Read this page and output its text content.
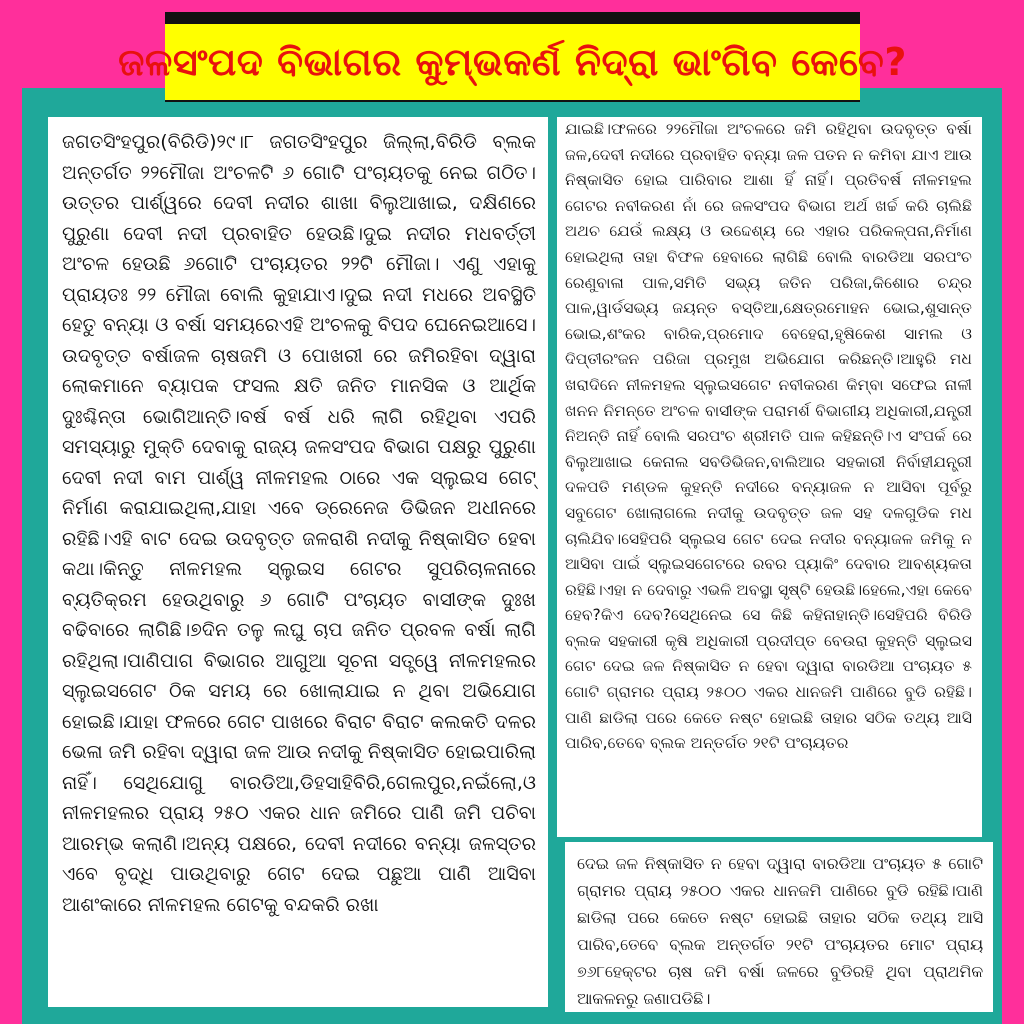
ଜଳସଂପଦ ବିଭାଗର କୁମ୍ଭକର୍ଣ ନିଦ୍ରା ଭାଂଗିବ କେବେ?

ଜଗତସିଂହପୁର(ବିରିଡି)୨୯।୮ ଜଗତସିଂହପୁର ଜିଲ୍ଲା,ବିରିଡି ବ୍ଲକ ଅନ୍ତର୍ଗତ ୨୨ମୌଜା ଅଂଚଳଟି ୬ ଗୋଟି ପଂଚାୟତକୁ ନେଇ ଗଠିତ।ଉତ୍ତର ପାର୍ଶ୍ୱରେ ଦେବୀ ନଦୀର ଶାଖା ବିଲୁଆଖାଇ, ଦକ୍ଷିଣରେ ପୁରୁଣା ଦେବୀ ନଦୀ ପ୍ରବାହିତ ହେଉଛି।ଦୁଇ ନଦୀର ମଧବର୍ତ୍ତୀ ଅଂଚଳ ହେଉଛି ୬ଗୋଟି ପଂଚାୟତର ୨୨ଟି ମୌଜା। ଏଣୁ ଏହାକୁ ପ୍ରାୟତଃ ୨୨ ମୌଜା ବୋଲି କୁହାଯାଏ।ଦୁଇ ନଦୀ ମଧରେ ଅବସ୍ଥିତି ହେତୁ ବନ୍ୟା ଓ ବର୍ଷା ସମୟରେଏହି ଅଂଚଳକୁ ବିପଦ ଘେନେଇଆସେ।ଉଦବୃତ୍ତ ବର୍ଷାଜଳ ଚାଷଜମି ଓ ପୋଖରୀ ରେ ଜମିରହିବା ଦ୍ୱାରା ଲୋକମାନେ ବ୍ୟାପକ ଫସଲ କ୍ଷତି ଜନିତ ମାନସିକ ଓ ଆର୍ଥିକ ଦୁଃଶ୍ଚିନ୍ତା ଭୋଗିଆନ୍ତି।ବର୍ଷ ବର୍ଷ ଧରି ଲାଗି ରହିଥିବା ଏପରି ସମସ୍ୟାରୁ ମୁକ୍ତି ଦେବାକୁ ରାଜ୍ୟ ଜଳସଂପଦ ବିଭାଗ ପକ୍ଷରୁ ପୁରୁଣା ଦେବୀ ନଦୀ ବାମ ପାର୍ଶ୍ୱ ନୀଳମହଲ ଠାରେ ଏକ ସ୍ଲୁଇସ ଗେଟ୍ ନିର୍ମାଣ କରାଯାଇଥିଲା,ଯାହା ଏବେ ଡ୍ରେନେଜ ଡିଭିଜନ ଅଧୀନରେ ରହିଛି।ଏହି ବାଟ ଦେଇ ଉଦବୃତ୍ତ ଜଳରାଶି ନଦୀକୁ ନିଷ୍କାସିତ ହେବା କଥା।କିନ୍ତୁ ନୀଳମହଲ ସ୍ଲୁଇସ ଗେଟର ସୁପରିଚାଳନାରେ ବ୍ୟତିକ୍ରମ ହେଉଥିବାରୁ ୬ ଗୋଟି ପଂଚାୟତ ବାସୀଙ୍କ ଦୁଃଖ ବଢିବାରେ ଲାଗିଛି।୭ଦିନ ତଳୁ ଲଘୁ ଚାପ ଜନିତ ପ୍ରବଳ ବର୍ଷା ଲାଗି ରହିଥିଲା।ପାଣିପାଗ ବିଭାଗର ଆଗୁଆ ସୂଚନା ସତ୍ତ୍ୱେ ନୀଳମହଲର ସ୍ଲୁଇସଗେଟ ଠିକ ସମୟ ରେ ଖୋଲାଯାଇ ନ ଥିବା ଅଭିଯୋଗ ହୋଇଛି।ଯାହା ଫଳରେ ଗେଟ ପାଖରେ ବିରାଟ ବିରାଟ କଲକତି ଦଳର ଭେଳା ଜମି ରହିବା ଦ୍ୱାରା ଜଳ ଆଉ ନଦୀକୁ ନିଷ୍କାସିତ ହୋଇପାରିଲା ନାହିଁ। ସେଥିଯୋଗୁ ବାରଡିଆ,ଡିହସାହିବିରି,ଗେଲପୁର,ନଇଁଲୋ,ଓ ନୀଳମହଲର ପ୍ରାୟ ୨୫୦ ଏକର ଧାନ ଜମିରେ ପାଣି ଜମି ପଚିବା ଆରମ୍ଭ କଲାଣି।ଅନ୍ୟ ପକ୍ଷରେ, ଦେବୀ ନଦୀରେ ବନ୍ୟା ଜଳସ୍ତର ଏବେ ବୃଦ୍ଧି ପାଉଥିବାରୁ ଗେଟ ଦେଇ ପଛୁଆ ପାଣି ଆସିବା ଆଶଂକାରେ ନୀଳମହଲ ଗେଟକୁ ବନ୍ଦକରି ରଖା

ଯାଇଛି।ଫଳରେ ୨୨ମୌଜା ଅଂଚଳରେ ଜମି ରହିଥିବା ଉଦବୃତ୍ତ ବର୍ଷା ଜଳ,ଦେବୀ ନଦୀରେ ପ୍ରବାହିତ ବନ୍ୟା ଜଳ ପତନ ନ କମିବା ଯାଏ ଆଉ ନିଷ୍କାସିତ ହୋଇ ପାରିବାର ଆଶା ହିଁ ନାହିଁ। ପ୍ରତିବର୍ଷ ନୀଳମହଲ ଗେଟର ନବୀକରଣ ନାଁ ରେ ଜଳସଂପଦ ବିଭାଗ ଅର୍ଥ ଖର୍ଚ୍ଚ କରି ଚାଲିଛି ଅଥଚ ଯେଉଁ ଲକ୍ଷ୍ୟ ଓ ଉଦ୍ଦେଶ୍ୟ ରେ ଏହାର ପରିକଳ୍ପନା,ନିର୍ମାଣ ହୋଇଥିଲା ତାହା ବିଫଳ ହେବାରେ ଲାଗିଛି ବୋଲି ବାରଡିଆ ସରପଂଚ ରେଣୁବାଳା ପାଳ,ସମିତି ସଭ୍ୟ ଜତିନ ପରିଜା,କିଶୋର ଚନ୍ଦ୍ର ପାଳ,ୱାର୍ଡସଭ୍ୟ ଜୟନ୍ତ ବସ୍ତିଆ,କ୍ଷେତ୍ରମୋହନ ଭୋଇ,ଶୁସାନ୍ତ ଭୋଇ,ଶଂକର ବାରିକ,ପ୍ରମୋଦ ବେହେରା,ହୃଷିକେଶ ସାମଲ ଓ ଦିପ୍ତୀରଂଜନ ପରିଜା ପ୍ରମୁଖ ଅଭିଯୋଗ କରିଛନ୍ତି।ଆହୁରି ମଧ ଖରାଦିନେ ନୀଳମହଲ ସ୍ଲୁଇସଗେଟ ନବୀକରଣ କିମ୍ବା ସଫେଇ ନାଳୀ ଖନନ ନିମନ୍ତେ ଅଂଚଳ ବାସୀଙ୍କ ପରାମର୍ଶ ବିଭାଗୀୟ ଅଧିକାରୀ,ଯନ୍ତ୍ରୀ ନିଅନ୍ତି ନାହିଁ ବୋଲି ସରପଂଚ ଶ୍ରୀମତି ପାଳ କହିଛନ୍ତି।ଏ ସଂପର୍କ ରେ ବିଲୁଆଖାଇ କେନାଲ ସବଡିଭିଜନ,ବାଲିଆର ସହକାରୀ ନିର୍ବାହୀଯନ୍ତ୍ରୀ ଦଳପତି ମଣ୍ଡଳ କୁହନ୍ତି ନଦୀରେ ବନ୍ୟାଜଳ ନ ଆସିବା ପୂର୍ବରୁ ସବୁଗେଟ ଖୋଲାଗଲେ ନଦୀକୁ ଉଦବୃତ୍ତ ଜଳ ସହ ଦଳଗୁଡିକ ମଧ ଚାଲିଯିବ।ସେହିପରି ସ୍ଲୁଇସ ଗେଟ ଦେଇ ନଦୀର ବନ୍ୟାଜଳ ଜମିକୁ ନ ଆସିବା ପାଇଁ ସ୍ଲୁଇସଗେଟରେ ରବର ପ୍ୟାକିଂ ଦେବାର ଆବଶ୍ୟକତା ରହିଛି।ଏହା ନ ଦେବାରୁ ଏଭଳି ଅବସ୍ଥା ସୃଷ୍ଟି ହେଉଛି।ହେଲେ,ଏହା କେବେ ହେବ?କିଏ ଦେବ?ସେଥିନେଇ ସେ କିଛି କହିନାହାନ୍ତି।ସେହିପରି ବିରିଡି ବ୍ଲକ ସହକାରୀ କୃଷି ଅଧିକାରୀ ପ୍ରଦୀପ୍ତ ବେଉରା କୁହନ୍ତି ସ୍ଲୁଇସ ଗେଟ ଦେଇ ଜଳ ନିଷ୍କାସିତ ନ ହେବା ଦ୍ୱାରା ବାରଡିଆ ପଂଚାୟତ ୫ ଗୋଟି ଗ୍ରାମର ପ୍ରାୟ ୨୫୦୦ ଏକର ଧାନଜମି ପାଣିରେ ବୁଡି ରହିଛି।ପାଣି ଛାଡିଲା ପରେ କେତେ ନଷ୍ଟ ହୋଇଛି ତାହାର ସଠିକ ତଥ୍ୟ ଆସି ପାରିବ,ତେବେ ବ୍ଲକ ଅନ୍ତର୍ଗତ ୨୧ଟି ପଂଚାୟତର

ଦେଇ ଜଳ ନିଷ୍କାସିତ ନ ହେବା ଦ୍ୱାରା ବାରଡିଆ ପଂଚାୟତ ୫ ଗୋଟି ଗ୍ରାମର ପ୍ରାୟ ୨୫୦୦ ଏକର ଧାନଜମି ପାଣିରେ ବୁଡି ରହିଛି।ପାଣି ଛାଡିଲା ପରେ କେତେ ନଷ୍ଟ ହୋଇଛି ତାହାର ସଠିକ ତଥ୍ୟ ଆସି ପାରିବ,ତେବେ ବ୍ଲକ ଅନ୍ତର୍ଗତ ୨୧ଟି ପଂଚାୟତର ମୋଟ ପ୍ରାୟ ୭୬୮ହେକ୍ଟର ଚାଷ ଜମି ବର୍ଷା ଜଳରେ ବୁଡିରହି ଥିବା ପ୍ରାଥମିକ ଆକଳନରୁ ଜଣାପଡିଛି।
